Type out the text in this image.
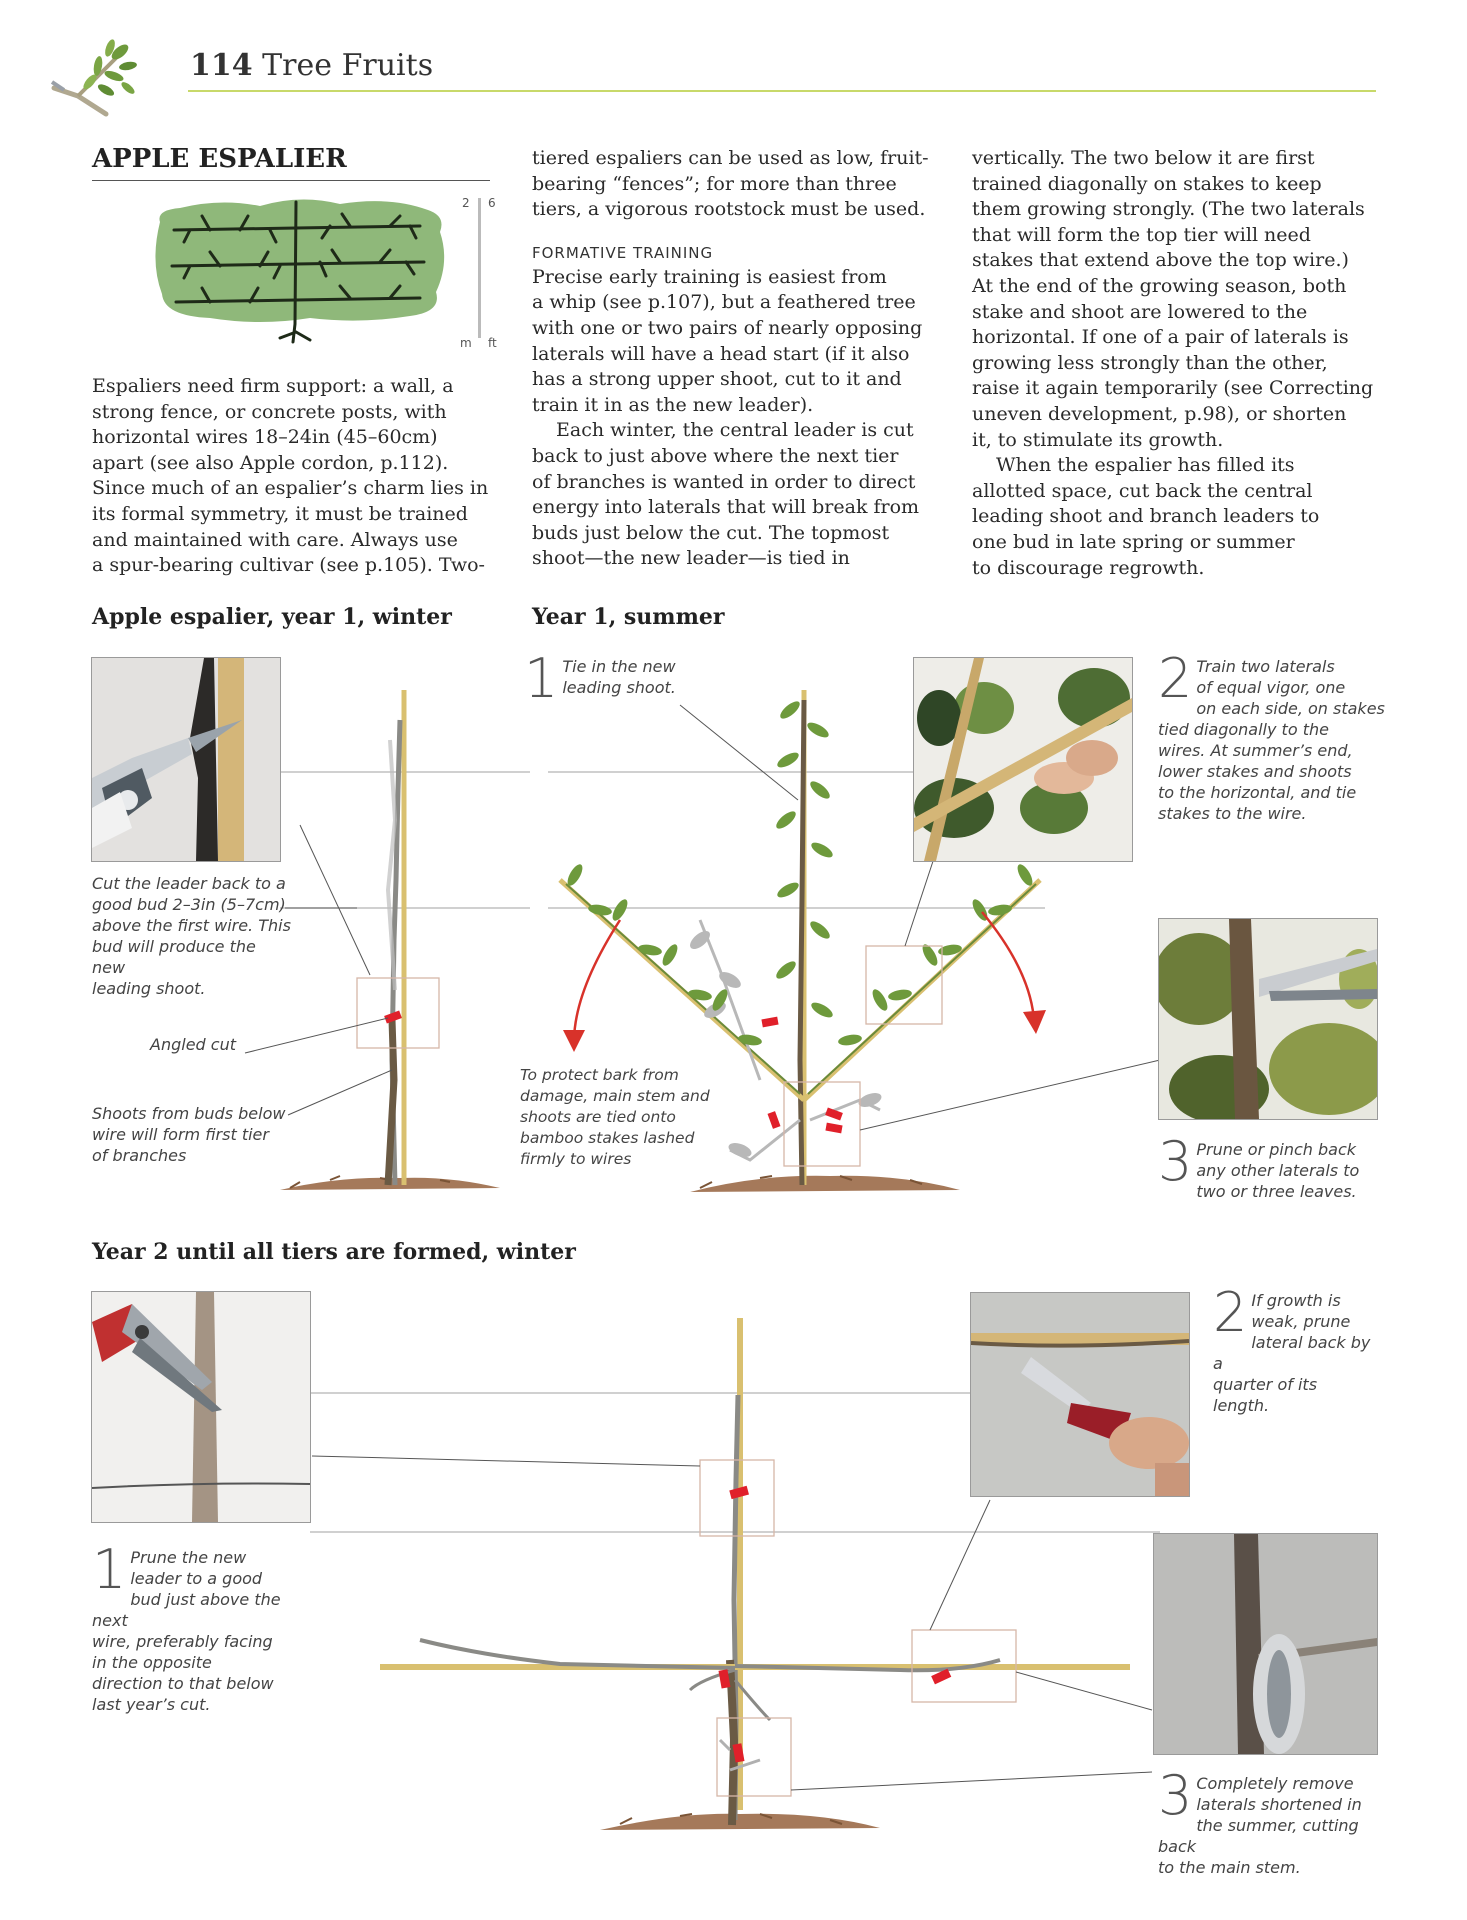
114 Tree Fruits
APPLE ESPALIER
2 6
m ft

Espaliers need firm support: a wall, a

strong fence, or concrete posts, with

horizontal wires 18–24in (45–60cm)

apart (see also Apple cordon, p.112).

Since much of an espalier’s charm lies in

its formal symmetry, it must be trained

and maintained with care. Always use

a spur-bearing cultivar (see p.105). Two-

tiered espaliers can be used as low, fruit-

bearing “fences”; for more than three

tiers, a vigorous rootstock must be used.

FORMATIVE TRAINING

Precise early training is easiest from

a whip (see p.107), but a feathered tree

with one or two pairs of nearly opposing

laterals will have a head start (if it also

has a strong upper shoot, cut to it and

train it in as the new leader).

Each winter, the central leader is cut

back to just above where the next tier

of branches is wanted in order to direct

energy into laterals that will break from

buds just below the cut. The topmost

shoot—the new leader—is tied in

vertically. The two below it are first

trained diagonally on stakes to keep

them growing strongly. (The two laterals

that will form the top tier will need

stakes that extend above the top wire.)

At the end of the growing season, both

stake and shoot are lowered to the

horizontal. If one of a pair of laterals is

growing less strongly than the other,

raise it again temporarily (see Correcting

uneven development, p.98), or shorten

it, to stimulate its growth.

When the espalier has filled its

allotted space, cut back the central

leading shoot and branch leaders to

one bud in late spring or summer

to discourage regrowth.

Apple espalier, year 1, winter	Year 1, summer
Year 2 until all tiers are formed, winter

Cut the leader back to a

good bud 2–3in (5–7cm)

above the first wire. This

bud will produce the new

leading shoot.

Angled cut

Shoots from buds below

wire will form first tier

of branches

1 Tie in the new

leading shoot.	2 Train two laterals

of equal vigor, one

on each side, on stakes

tied diagonally to the

wires. At summer’s end,

lower stakes and shoots

to the horizontal, and tie

stakes to the wire.

3 Prune or pinch back

any other laterals to

two or three leaves.

To protect bark from

damage, main stem and

shoots are tied onto

bamboo stakes lashed

firmly to wires

1 Prune the new

leader to a good

bud just above the next

wire, preferably facing

in the opposite

direction to that below

last year’s cut.

2 If growth is

weak, prune

lateral back by a

quarter of its

length.

3 Completely remove

laterals shortened in

the summer, cutting back

to the main stem.
